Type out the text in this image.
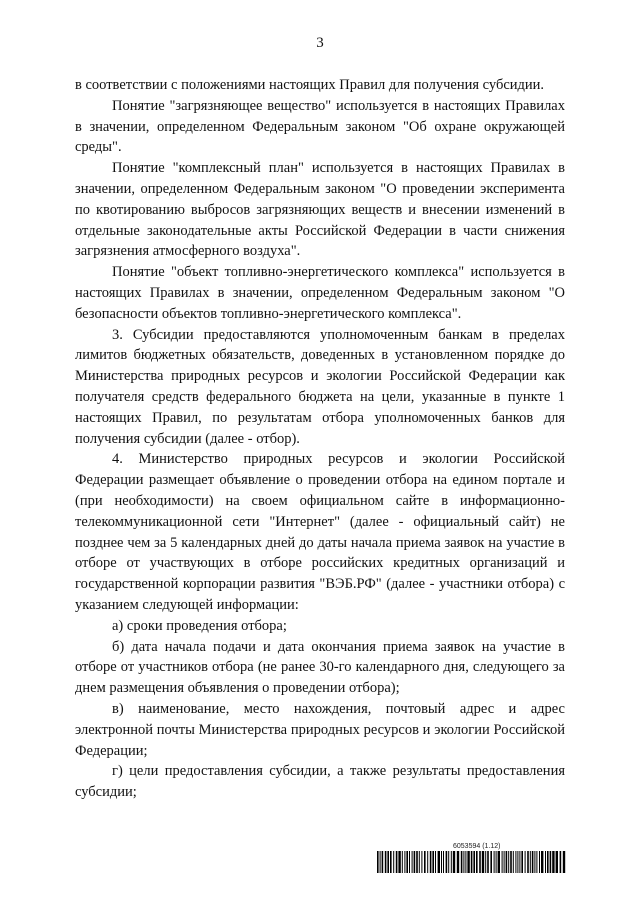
3

в соответствии с положениями настоящих Правил для получения субсидии.

Понятие "загрязняющее вещество" используется в настоящих Правилах в значении, определенном Федеральным законом "Об охране окружающей среды".

Понятие "комплексный план" используется в настоящих Правилах в значении, определенном Федеральным законом "О проведении эксперимента по квотированию выбросов загрязняющих веществ и внесении изменений в отдельные законодательные акты Российской Федерации в части снижения загрязнения атмосферного воздуха".

Понятие "объект топливно-энергетического комплекса" используется в настоящих Правилах в значении, определенном Федеральным законом "О безопасности объектов топливно-энергетического комплекса".

3. Субсидии предоставляются уполномоченным банкам в пределах лимитов бюджетных обязательств, доведенных в установленном порядке до Министерства природных ресурсов и экологии Российской Федерации как получателя средств федерального бюджета на цели, указанные в пункте 1 настоящих Правил, по результатам отбора уполномоченных банков для получения субсидии (далее - отбор).

4. Министерство природных ресурсов и экологии Российской Федерации размещает объявление о проведении отбора на едином портале и (при необходимости) на своем официальном сайте в информационно-телекоммуникационной сети "Интернет" (далее - официальный сайт) не позднее чем за 5 календарных дней до даты начала приема заявок на участие в отборе от участвующих в отборе российских кредитных организаций и государственной корпорации развития "ВЭБ.РФ" (далее - участники отбора) с указанием следующей информации:

а) сроки проведения отбора;

б) дата начала подачи и дата окончания приема заявок на участие в отборе от участников отбора (не ранее 30-го календарного дня, следующего за днем размещения объявления о проведении отбора);

в) наименование, место нахождения, почтовый адрес и адрес электронной почты Министерства природных ресурсов и экологии Российской Федерации;

г) цели предоставления субсидии, а также результаты предоставления субсидии;

6053594 (1.12)
